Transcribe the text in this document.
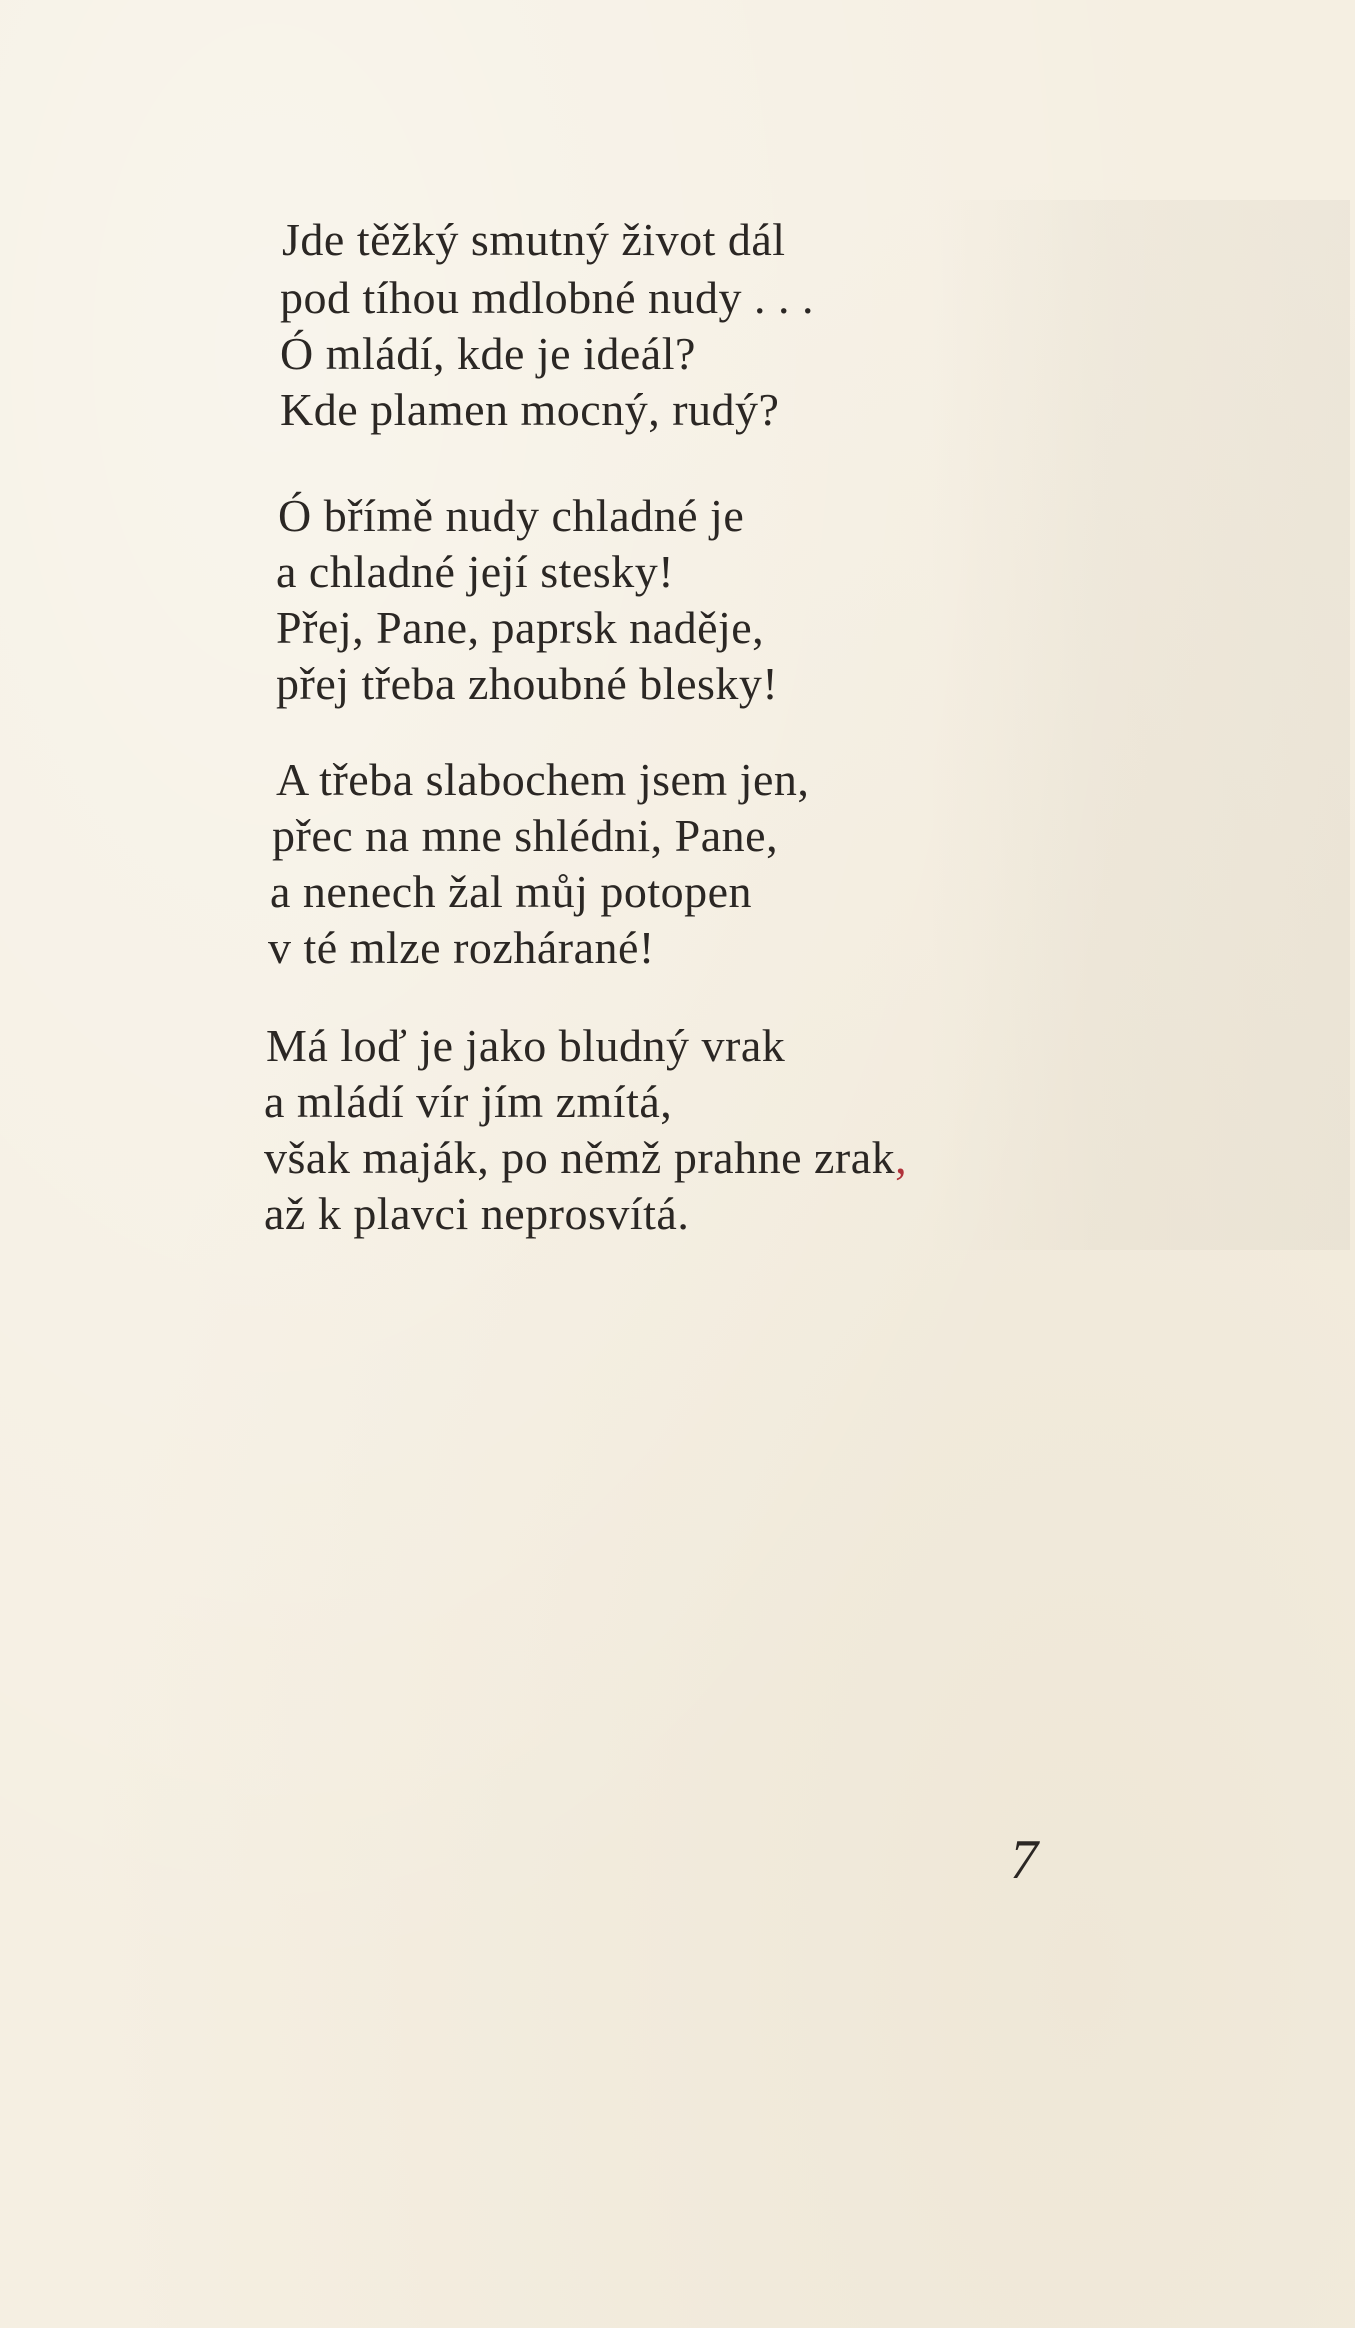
Jde těžký smutný život dál
pod tíhou mdlobné nudy . . .
Ó mládí, kde je ideál?
Kde plamen mocný, rudý?
Ó břímě nudy chladné je
a chladné její stesky!
Přej, Pane, paprsk naděje,
přej třeba zhoubné blesky!
A třeba slabochem jsem jen,
přec na mne shlédni, Pane,
a nenech žal můj potopen
v té mlze rozhárané!
Má loď je jako bludný vrak
a mládí vír jím zmítá,
však maják, po němž prahne zrak,
až k plavci neprosvítá.
7
